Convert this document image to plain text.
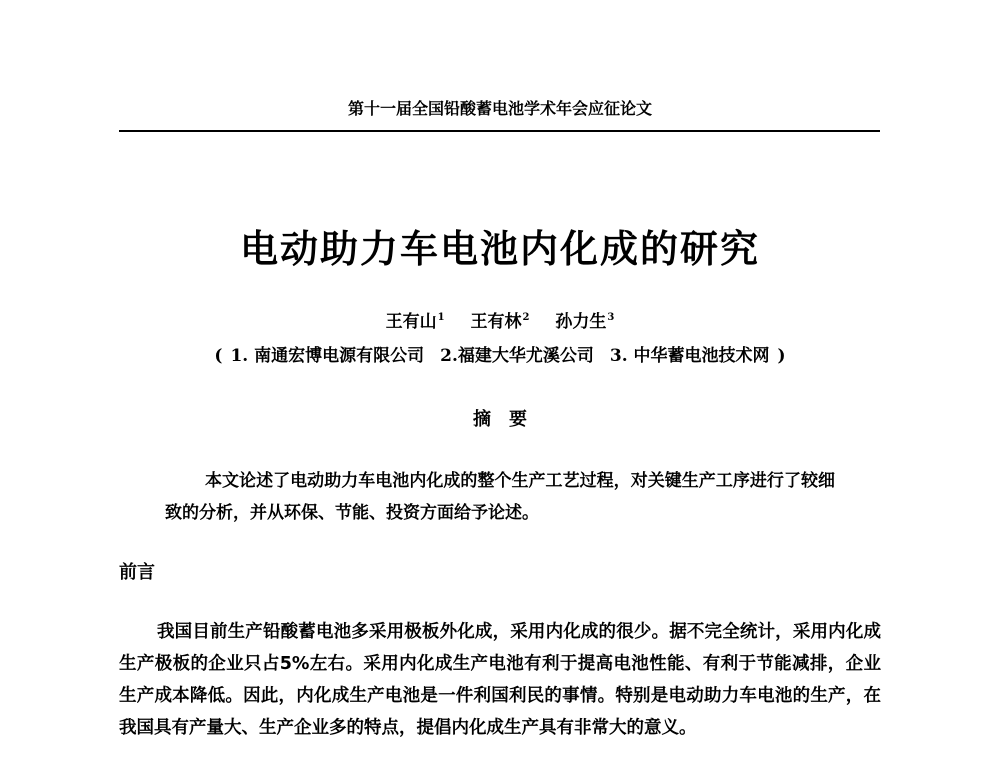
第十一届全国铅酸蓄电池学术年会应征论文
电动助力车电池内化成的研究
王有山$^1$ 王有林$^2$ 孙力生$^3$
( 1. 南通宏博电源有限公司 2.福建大华尤溪公司 3. 中华蓄电池技术网 )
摘要
本文论述了电动助力车电池内化成的整个生产工艺过程，对关键生产工序进行了较细致的分析，并从环保、节能、投资方面给予论述。
前言
我国目前生产铅酸蓄电池多采用极板外化成，采用内化成的很少。据不完全统计，采用内化成生产极板的企业只占5%左右。采用内化成生产电池有利于提高电池性能、有利于节能减排，企业生产成本降低。因此，内化成生产电池是一件利国利民的事情。特别是电动助力车电池的生产，在我国具有产量大、生产企业多的特点，提倡内化成生产具有非常大的意义。
